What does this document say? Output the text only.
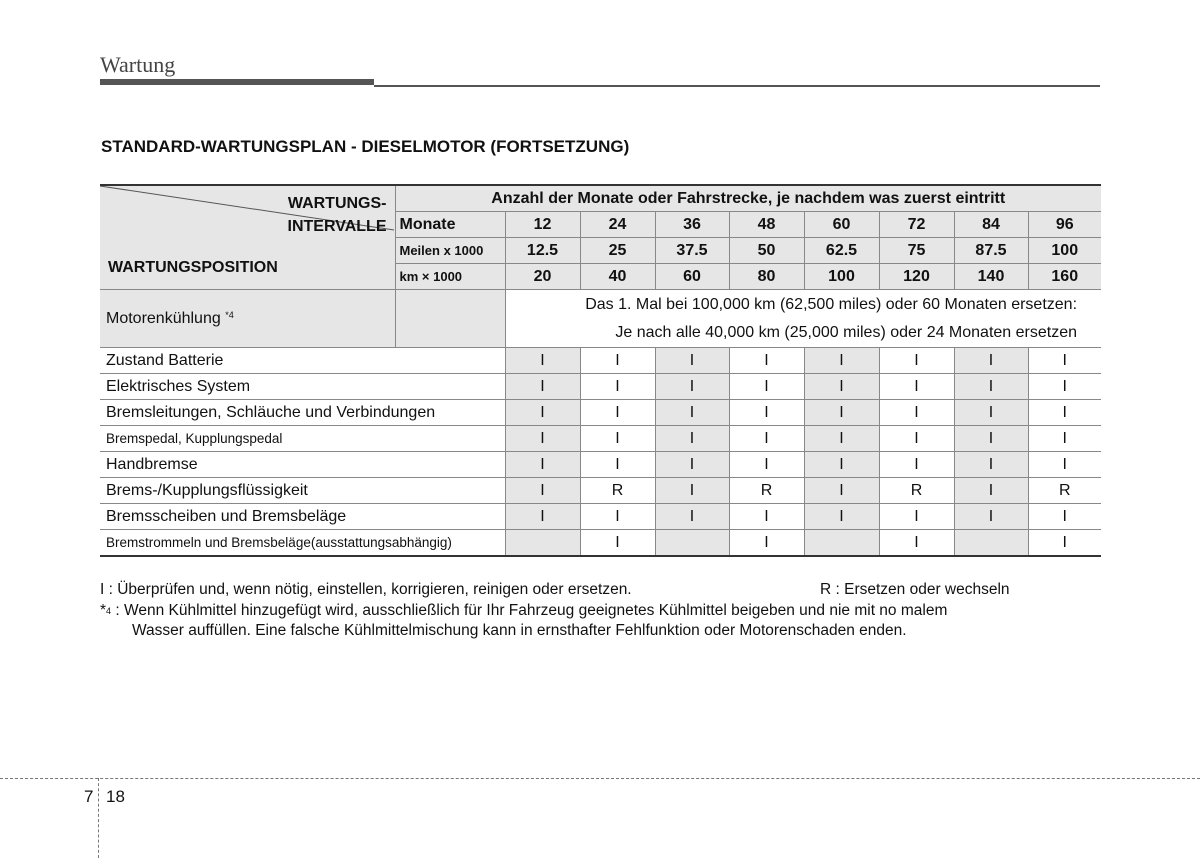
Wartung
STANDARD-WARTUNGSPLAN - DIESELMOTOR (FORTSETZUNG)
WARTUNGS-
INTERVALLE
WARTUNGSPOSITION	Anzahl der Monate oder Fahrstrecke, je nachdem was zuerst eintritt								
	Monate	12	24	36	48	60	72	84	96
	Meilen x 1000	12.5	25	37.5	50	62.5	75	87.5	100
	km × 1000	20	40	60	80	100	120	140	160
Motorenkühlung $^{*4}$		Das 1. Mal bei 100,000 km (62,500 miles) oder 60 Monaten ersetzen:
Je nach alle 40,000 km (25,000 miles) oder 24 Monaten ersetzen							

Zustand Batterie		I	I	I	I	I	I	I	I
Elektrisches System		I	I	I	I	I	I	I	I
Bremsleitungen, Schläuche und Verbindungen		I	I	I	I	I	I	I	I
Bremspedal, Kupplungspedal		I	I	I	I	I	I	I	I
Handbremse		I	I	I	I	I	I	I	I
Brems-/Kupplungsflüssigkeit		I	R	I	R	I	R	I	R
Bremsscheiben und Bremsbeläge		I	I	I	I	I	I	I	I
Bremstrommeln und Bremsbeläge(ausstattungsabhängig)			I		I		I		I
I : Überprüfen und, wenn nötig, einstellen, korrigieren, reinigen oder ersetzen.	R : Ersetzen oder wechseln
*$^4$ : Wenn Kühlmittel hinzugefügt wird, ausschließlich für Ihr Fahrzeug geeignetes Kühlmittel beigeben und nie mit no malem
Wasser auffüllen. Eine falsche Kühlmittelmischung kann in ernsthafter Fehlfunktion oder Motorenschaden enden.
7 18
